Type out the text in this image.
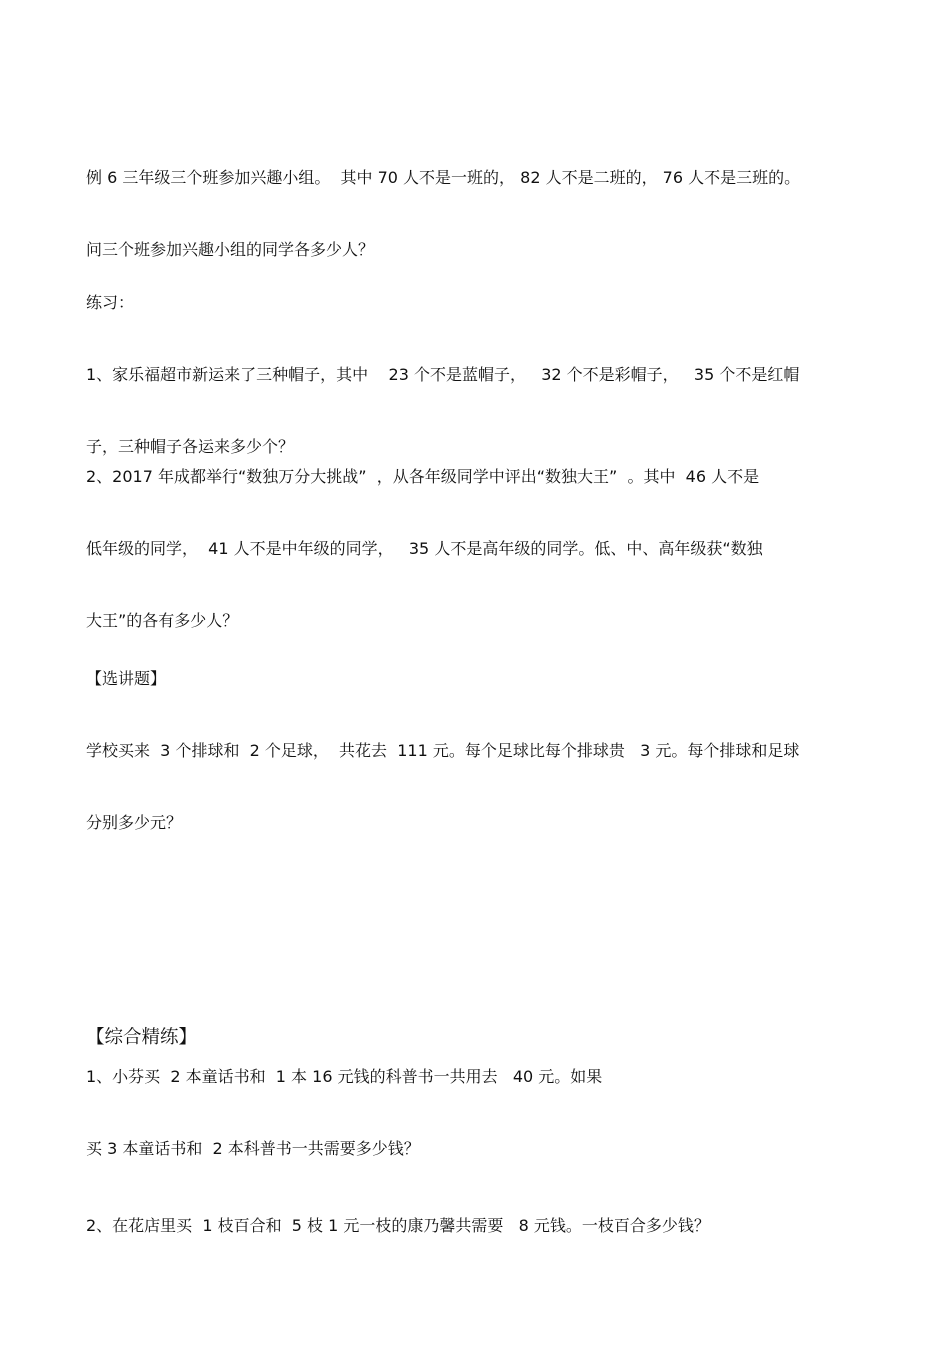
例 6 三年级三个班参加兴趣小组。  其中 70 人不是一班的， 82 人不是二班的， 76 人不是三班的。

问三个班参加兴趣小组的同学各多少人？

练习：

1、家乐福超市新运来了三种帽子，其中    23 个不是蓝帽子，   32 个不是彩帽子，   35 个不是红帽

子，三种帽子各运来多少个？

2、2017 年成都举行“数独万分大挑战”  ，从各年级同学中评出“数独大王”  。其中  46 人不是

低年级的同学，  41 人不是中年级的同学，   35 人不是高年级的同学。低、中、高年级获“数独

大王”的各有多少人？

【选讲题】

学校买来  3 个排球和  2 个足球，  共花去  111 元。每个足球比每个排球贵   3 元。每个排球和足球

分别多少元？

【综合精练】

1、小芬买  2 本童话书和  1 本 16 元钱的科普书一共用去   40 元。如果

买 3 本童话书和  2 本科普书一共需要多少钱？

2、在花店里买  1 枝百合和  5 枝 1 元一枝的康乃馨共需要   8 元钱。一枝百合多少钱？
